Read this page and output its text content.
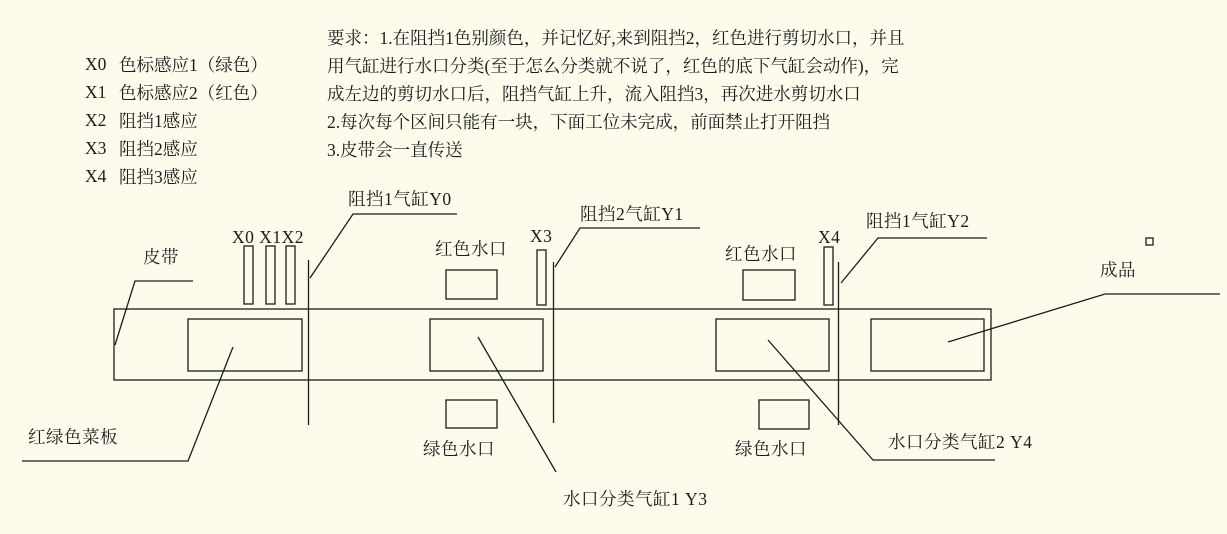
X0 色标感应1（绿色）
X1 色标感应2（红色）
X2 阻挡1感应
X3 阻挡2感应
X4 阻挡3感应
要求：1.在阻挡1色别颜色，并记忆好,来到阻挡2，红色进行剪切水口，并且
用气缸进行水口分类(至于怎么分类就不说了，红色的底下气缸会动作)，完
成左边的剪切水口后，阻挡气缸上升，流入阻挡3，再次进水剪切水口
2.每次每个区间只能有一块，下面工位未完成，前面禁止打开阻挡
3.皮带会一直传送
皮带
X0 X1X2
阻挡1气缸Y0
红色水口
X3
阻挡2气缸Y1
红色水口
X4
阻挡1气缸Y2
成品
红绿色菜板
绿色水口	绿色水口
水口分类气缸1 Y3
水口分类气缸2 Y4
